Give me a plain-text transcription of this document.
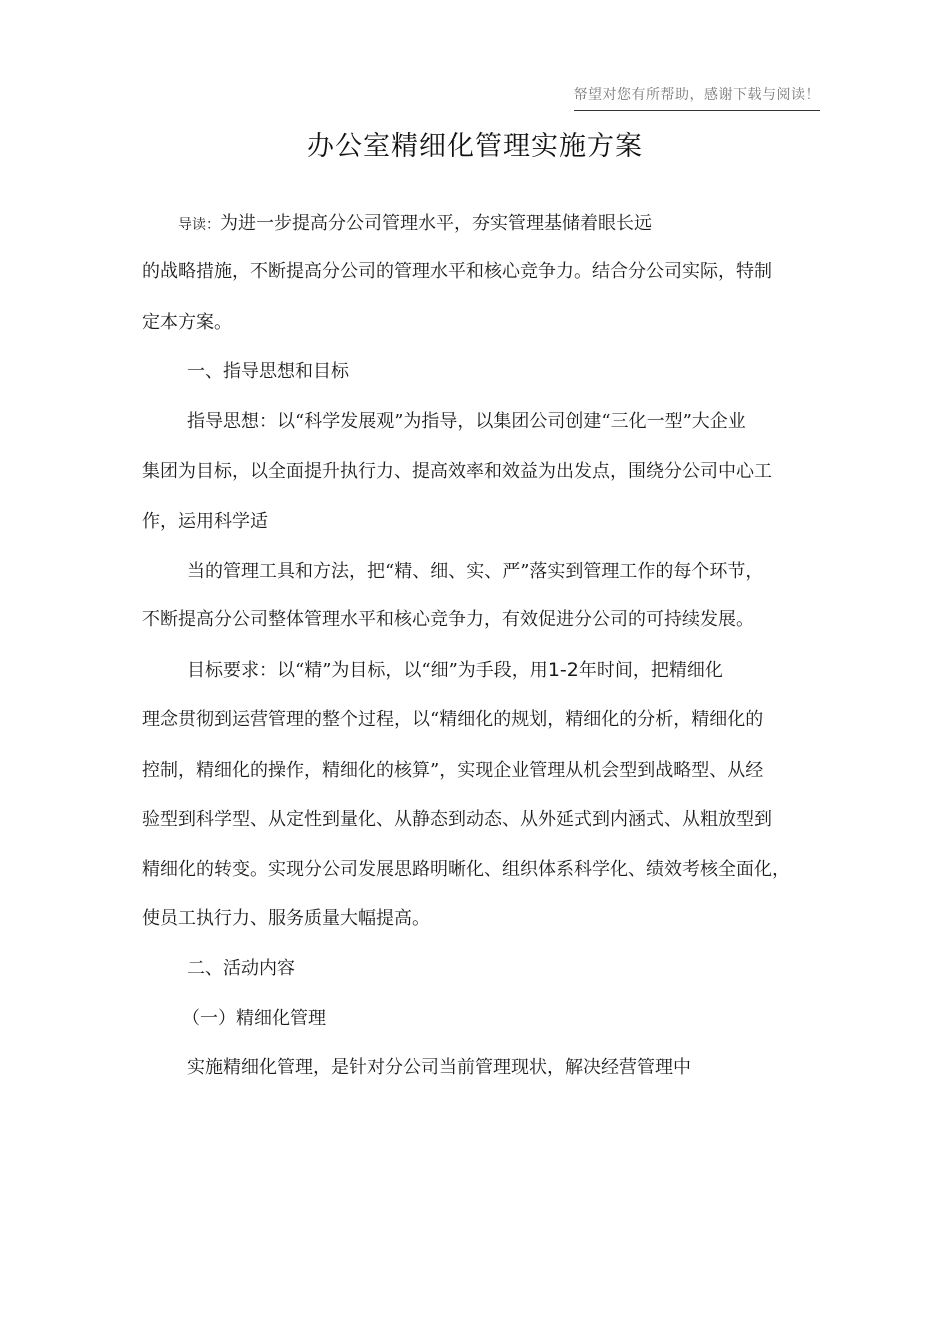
帑望对您有所帮助，感谢下载与阅读！
办公室精细化管理实施方案
导读：为进一步提高分公司管理水平，夯实管理基储着眼长远
的战略措施，不断提高分公司的管理水平和核心竞争力。结合分公司实际，特制
定本方案。
一、指导思想和目标
指导思想：以“科学发展观”为指导，以集团公司创建“三化一型”大企业
集团为目标，以全面提升执行力、提高效率和效益为出发点，围绕分公司中心工
作，运用科学适
当的管理工具和方法，把“精、细、实、严”落实到管理工作的每个环节，
不断提高分公司整体管理水平和核心竞争力，有效促进分公司的可持续发展。
目标要求：以“精”为目标，以“细”为手段，用1-2年时间，把精细化
理念贯彻到运营管理的整个过程，以“精细化的规划，精细化的分析，精细化的
控制，精细化的操作，精细化的核算”，实现企业管理从机会型到战略型、从经
验型到科学型、从定性到量化、从静态到动态、从外延式到内涵式、从粗放型到
精细化的转变。实现分公司发展思路明晰化、组织体系科学化、绩效考核全面化，
使员工执行力、服务质量大幅提高。
二、活动内容
（一）精细化管理
实施精细化管理，是针对分公司当前管理现状，解决经营管理中
